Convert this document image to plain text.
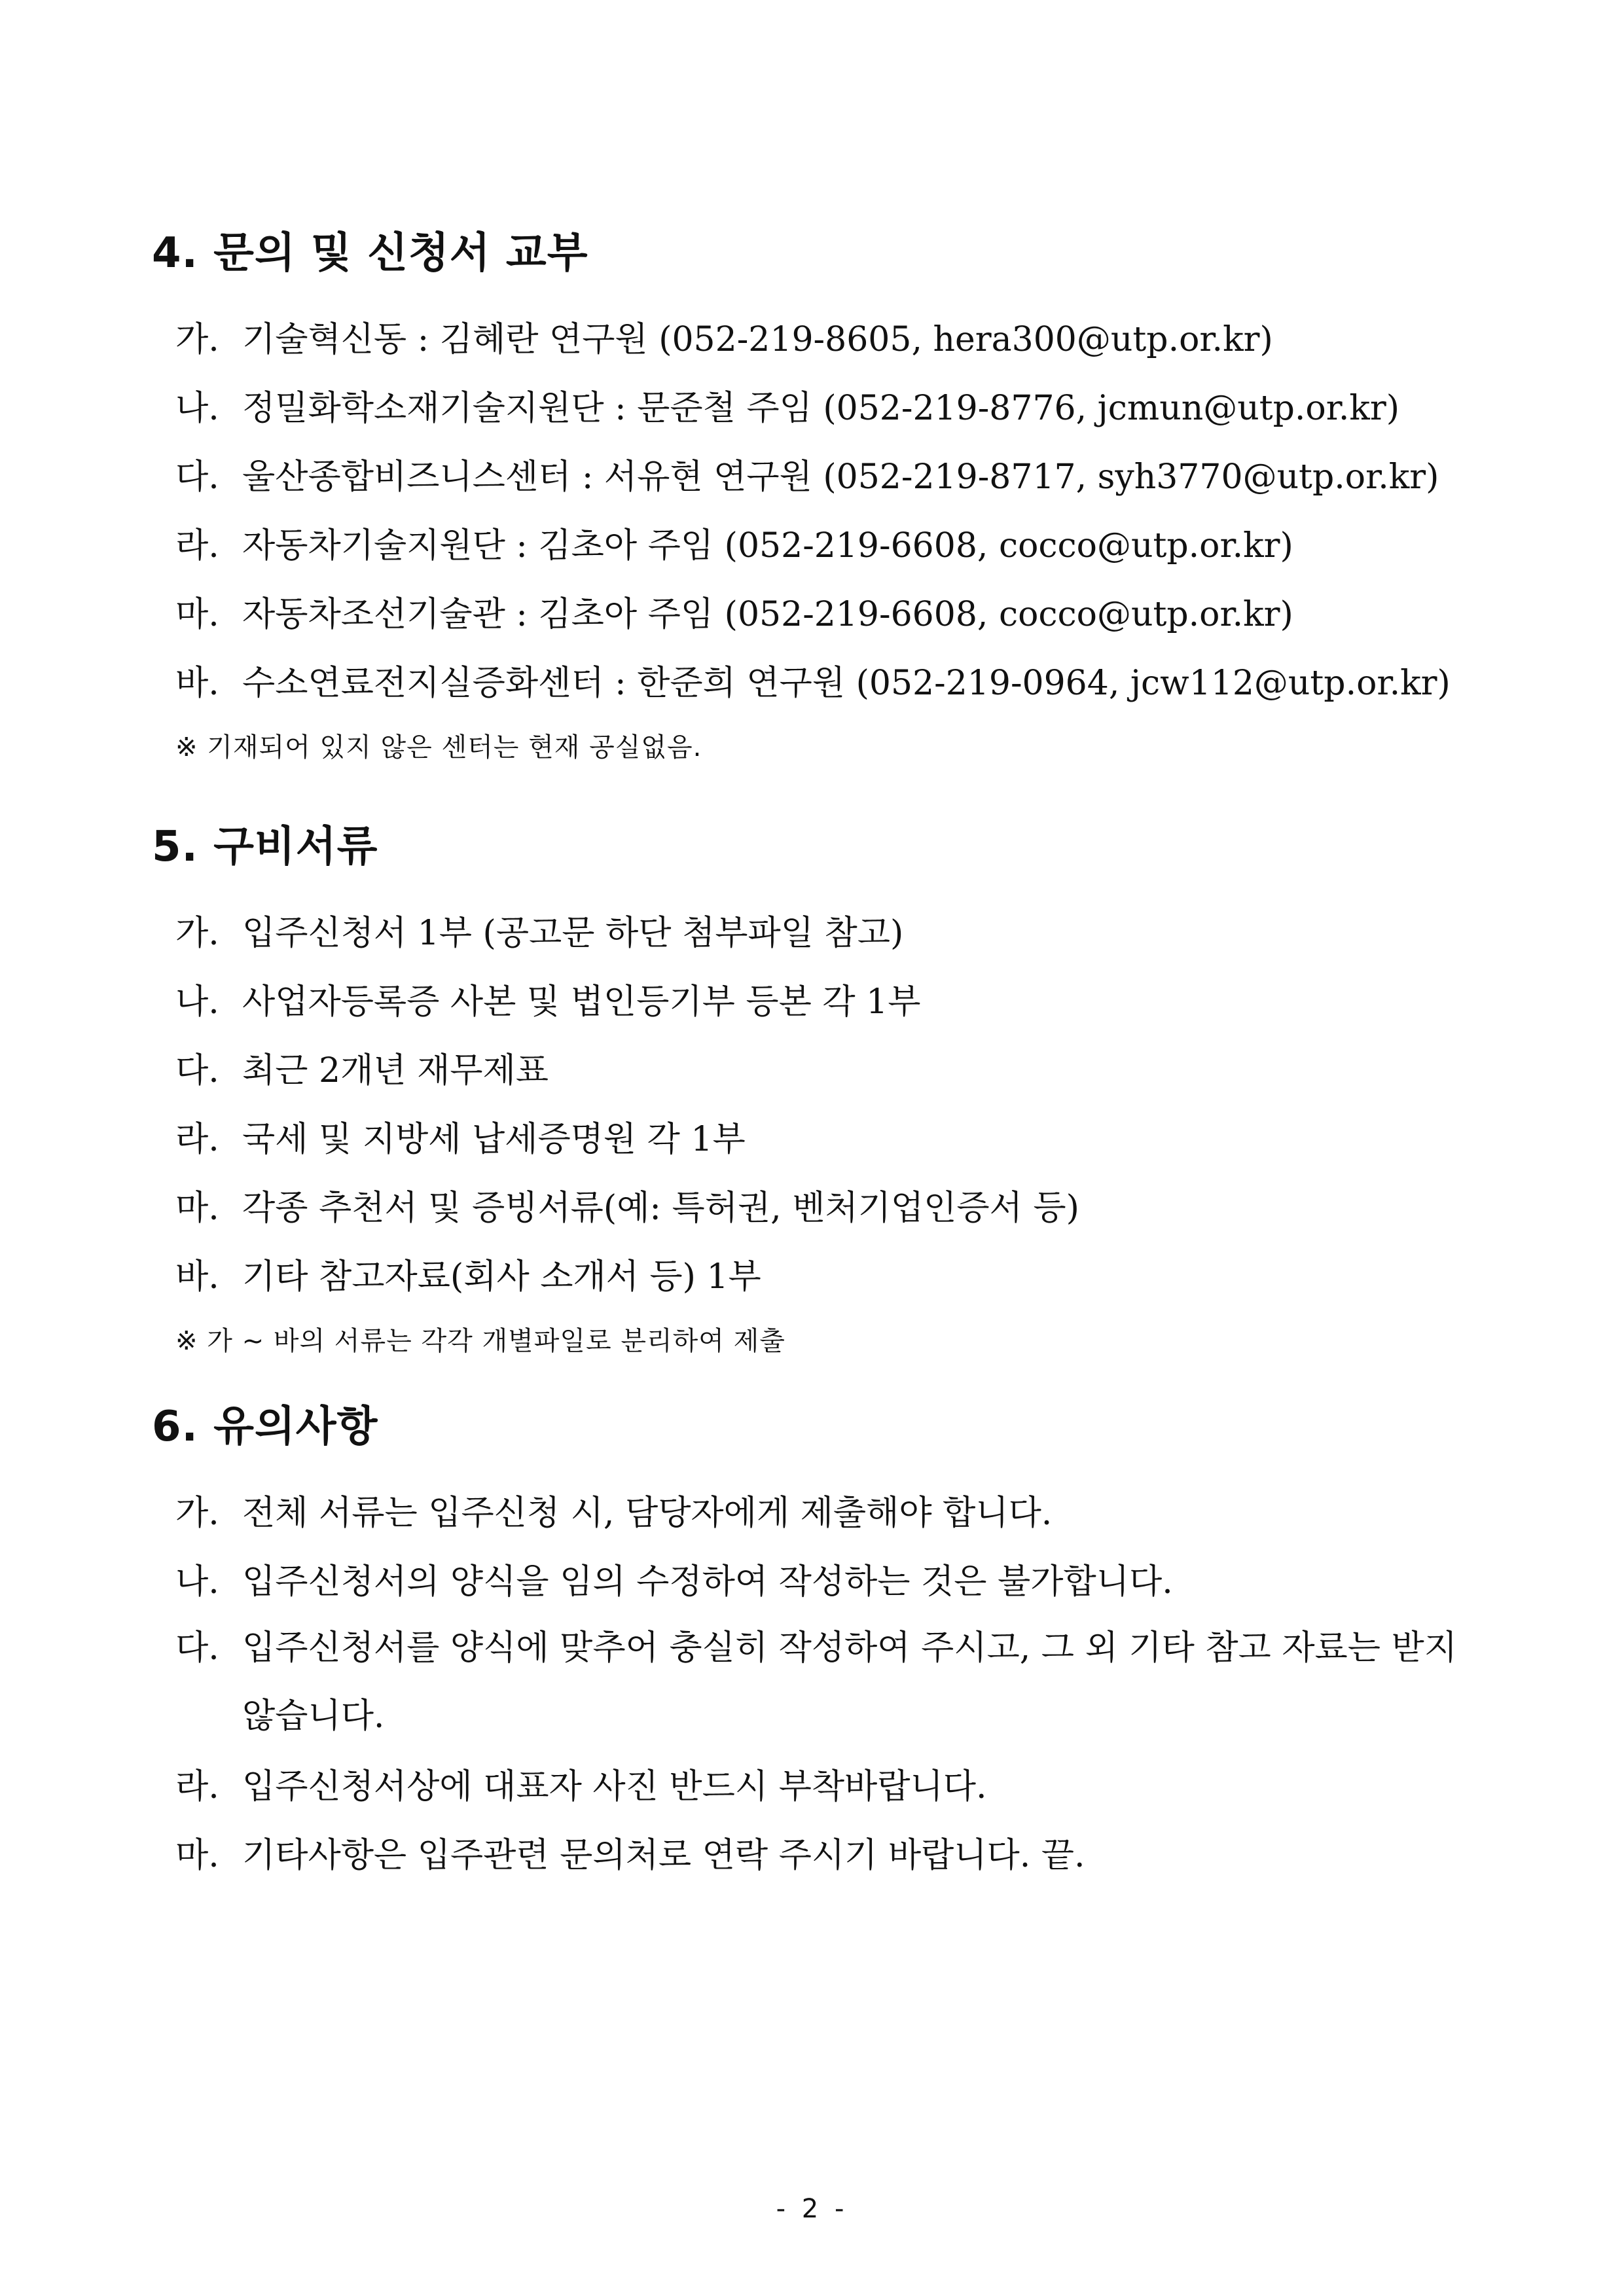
4. 문의 및 신청서 교부
가. 기술혁신동 : 김혜란 연구원 (052-219-8605, hera300@utp.or.kr)
나. 정밀화학소재기술지원단 : 문준철 주임 (052-219-8776, jcmun@utp.or.kr)
다. 울산종합비즈니스센터 : 서유현 연구원 (052-219-8717, syh3770@utp.or.kr)
라. 자동차기술지원단 : 김초아 주임 (052-219-6608, cocco@utp.or.kr)
마. 자동차조선기술관 : 김초아 주임 (052-219-6608, cocco@utp.or.kr)
바. 수소연료전지실증화센터 : 한준희 연구원 (052-219-0964, jcw112@utp.or.kr)
※ 기재되어 있지 않은 센터는 현재 공실없음.
5. 구비서류
가. 입주신청서 1부 (공고문 하단 첨부파일 참고)
나. 사업자등록증 사본 및 법인등기부 등본 각 1부
다. 최근 2개년 재무제표
라. 국세 및 지방세 납세증명원 각 1부
마. 각종 추천서 및 증빙서류(예: 특허권, 벤처기업인증서 등)
바. 기타 참고자료(회사 소개서 등) 1부
※ 가 ~ 바의 서류는 각각 개별파일로 분리하여 제출
6. 유의사항
가. 전체 서류는 입주신청 시, 담당자에게 제출해야 합니다.
나. 입주신청서의 양식을 임의 수정하여 작성하는 것은 불가합니다.
다. 입주신청서를 양식에 맞추어 충실히 작성하여 주시고, 그 외 기타 참고 자료는 받지 않습니다.
라. 입주신청서상에 대표자 사진 반드시 부착바랍니다.
마. 기타사항은 입주관련 문의처로 연락 주시기 바랍니다. 끝.
- 2 -
